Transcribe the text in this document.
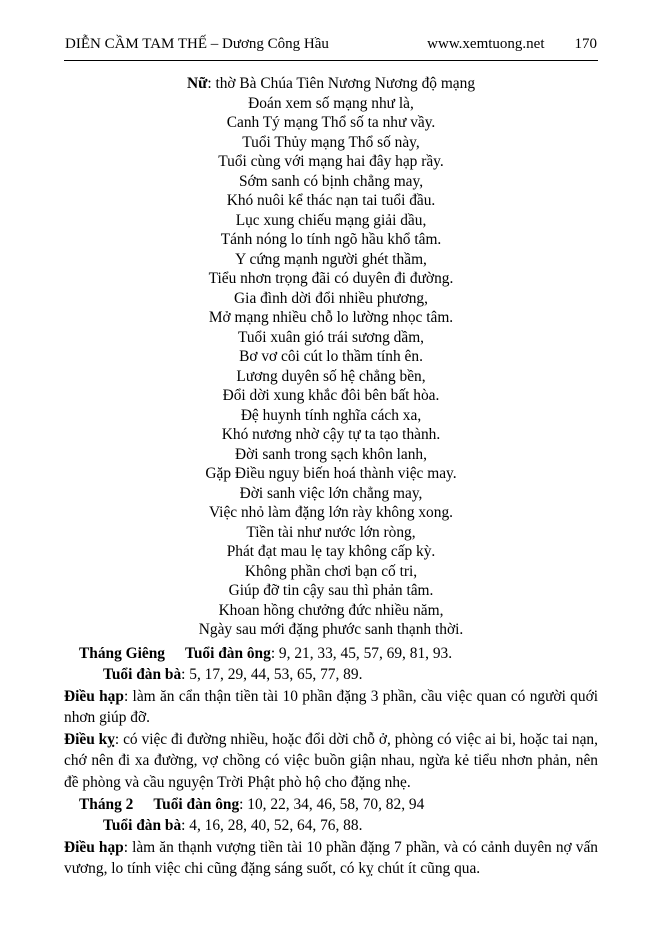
DIỄN CẦM TAM THẾ – Dương Công Hầu	www.xemtuong.net 170
Nữ: thờ Bà Chúa Tiên Nương Nương độ mạng
Đoán xem số mạng như là,
Canh Tý mạng Thổ số ta như vầy.
Tuổi Thủy mạng Thổ số này,
Tuổi cùng với mạng hai đây hạp rầy.
Sớm sanh có bịnh chẳng may,
Khó nuôi kể thác nạn tai tuổi đầu.
Lục xung chiếu mạng giải dầu,
Tánh nóng lo tính ngõ hầu khổ tâm.
Y cứng mạnh người ghét thầm,
Tiểu nhơn trọng đãi có duyên đi đường.
Gia đình dời đổi nhiều phương,
Mở mạng nhiều chỗ lo lường nhọc tâm.
Tuổi xuân gió trái sương dầm,
Bơ vơ côi cút lo thầm tính ên.
Lương duyên số hệ chẳng bền,
Đổi dời xung khắc đôi bên bất hòa.
Đệ huynh tính nghĩa cách xa,
Khó nương nhờ cậy tự ta tạo thành.
Đời sanh trong sạch khôn lanh,
Gặp Điều nguy biến hoá thành việc may.
Đời sanh việc lớn chẳng may,
Việc nhỏ làm đặng lớn rày không xong.
Tiền tài như nước lớn ròng,
Phát đạt mau lẹ tay không cấp kỳ.
Không phần chơi bạn cố tri,
Giúp đỡ tin cậy sau thì phản tâm.
Khoan hồng chưởng đức nhiều năm,
Ngày sau mới đặng phước sanh thạnh thời.
Tháng Giêng Tuổi đàn ông: 9, 21, 33, 45, 57, 69, 81, 93.
Tuổi đàn bà: 5, 17, 29, 44, 53, 65, 77, 89.

Điều hạp: làm ăn cẩn thận tiền tài 10 phần đặng 3 phần, cầu việc quan có người quới nhơn giúp đỡ.

Điều kỵ: có việc đi đường nhiều, hoặc đổi dời chỗ ở, phòng có việc ai bi, hoặc tai nạn, chớ nên đi xa đường, vợ chồng có việc buồn giận nhau, ngừa kẻ tiểu nhơn phản, nên đề phòng và cầu nguyện Trời Phật phò hộ cho đặng nhẹ.

Tháng 2 Tuổi đàn ông: 10, 22, 34, 46, 58, 70, 82, 94
Tuổi đàn bà: 4, 16, 28, 40, 52, 64, 76, 88.

Điều hạp: làm ăn thạnh vượng tiền tài 10 phần đặng 7 phần, và có cảnh duyên nợ vấn vương, lo tính việc chi cũng đặng sáng suốt, có kỵ chút ít cũng qua.
